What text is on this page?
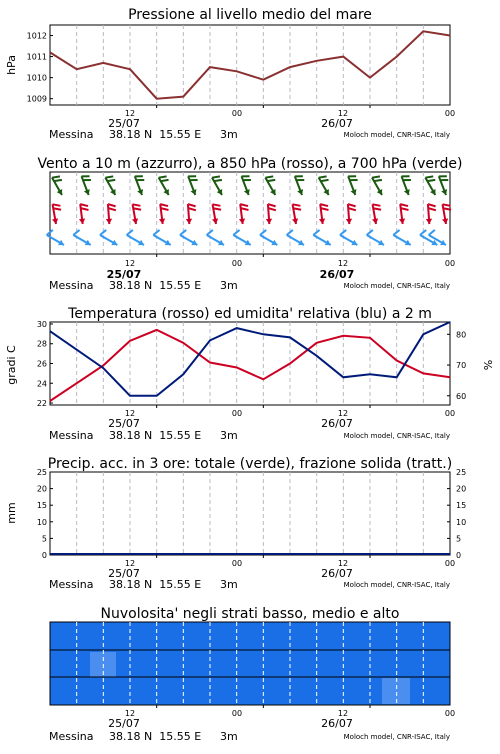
Pressione al livello medio del mare
1009
1010
1011
1012
hPa
12	00	12	00
25/07	26/07
Messina 38.18 N  15.55 E 3m	Moloch model, CNR-ISAC, Italy
Vento a 10 m (azzurro), a 850 hPa (rosso), a 700 hPa (verde)
12	00	12	00
25/07	26/07
Messina 38.18 N  15.55 E 3m	Moloch model, CNR-ISAC, Italy
Temperatura (rosso) ed umidita' relativa (blu) a 2 m
22
24
26
28
30
60
70
80
gradi C	%
12	00	12	00
25/07	26/07
Messina 38.18 N  15.55 E 3m	Moloch model, CNR-ISAC, Italy
Precip. acc. in 3 ore: totale (verde), frazione solida (tratt.)
0
5
10
15
20
25
0
5
10
15
20
25
mm
12	00	12	00
25/07	26/07
Messina 38.18 N  15.55 E 3m	Moloch model, CNR-ISAC, Italy
Nuvolosita' negli strati basso, medio e alto
12	00	12	00
25/07	26/07
Messina 38.18 N  15.55 E 3m	Moloch model, CNR-ISAC, Italy
